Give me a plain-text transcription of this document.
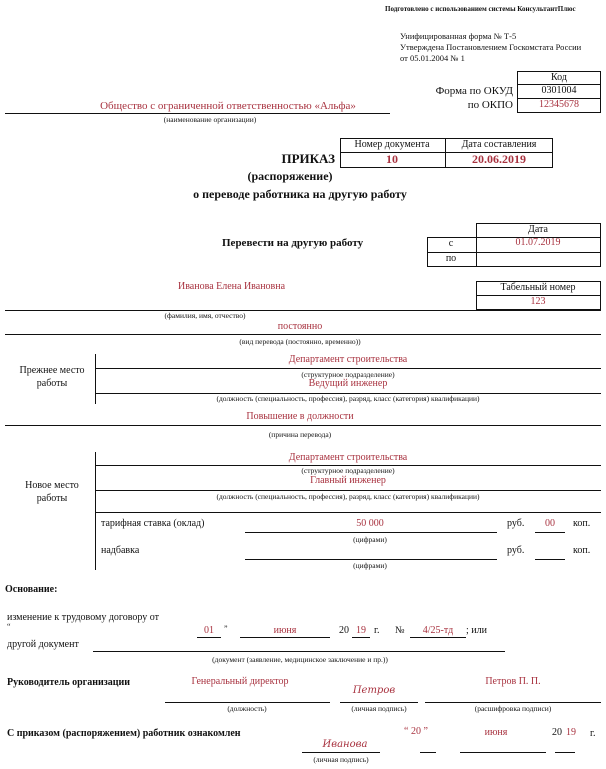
Подготовлено с использованием системы КонсультантПлюс
Унифицированная форма № Т-5
Утверждена Постановлением Госкомстата России
от 05.01.2004 № 1
Код
Форма по ОКУД	0301004
по ОКПО	12345678
Общество с ограниченной ответственностью «Альфа»
(наименование организации)
Номер документа	Дата составления
10	20.06.2019
ПРИКАЗ
(распоряжение)
о переводе работника на другую работу
Перевести на другую работу
Дата
с	01.07.2019
по
Иванова Елена Ивановна	Табельный номер
123
(фамилия, имя, отчество)
постоянно
(вид перевода (постоянно, временно))
Прежнее место
работы
Департамент строительства
(структурное подразделение)
Ведущий инженер
(должность (специальность, профессия), разряд, класс (категория) квалификации)
Повышение в должности
(причина перевода)
Новое место
работы
Департамент строительства
(структурное подразделение)
Главный инженер
(должность (специальность, профессия), разряд, класс (категория) квалификации)
тарифная ставка (оклад)	50 000	руб. 00 коп.
(цифрами)
надбавка	руб.	коп.
(цифрами)
Основание:
изменение к трудовому договору от
“	01 ”	июня	20 19 г. № 4/25-тд ; или
другой документ
(документ (заявление, медицинское заключение и пр.))
Руководитель организации	Генеральный директор
(должность)
Петров
(личная подпись)
Петров П. П.
(расшифровка подписи)
С приказом (распоряжением) работник ознакомлен
Иванова
(личная подпись)
“ 20 ”	июня	20 19 г.
